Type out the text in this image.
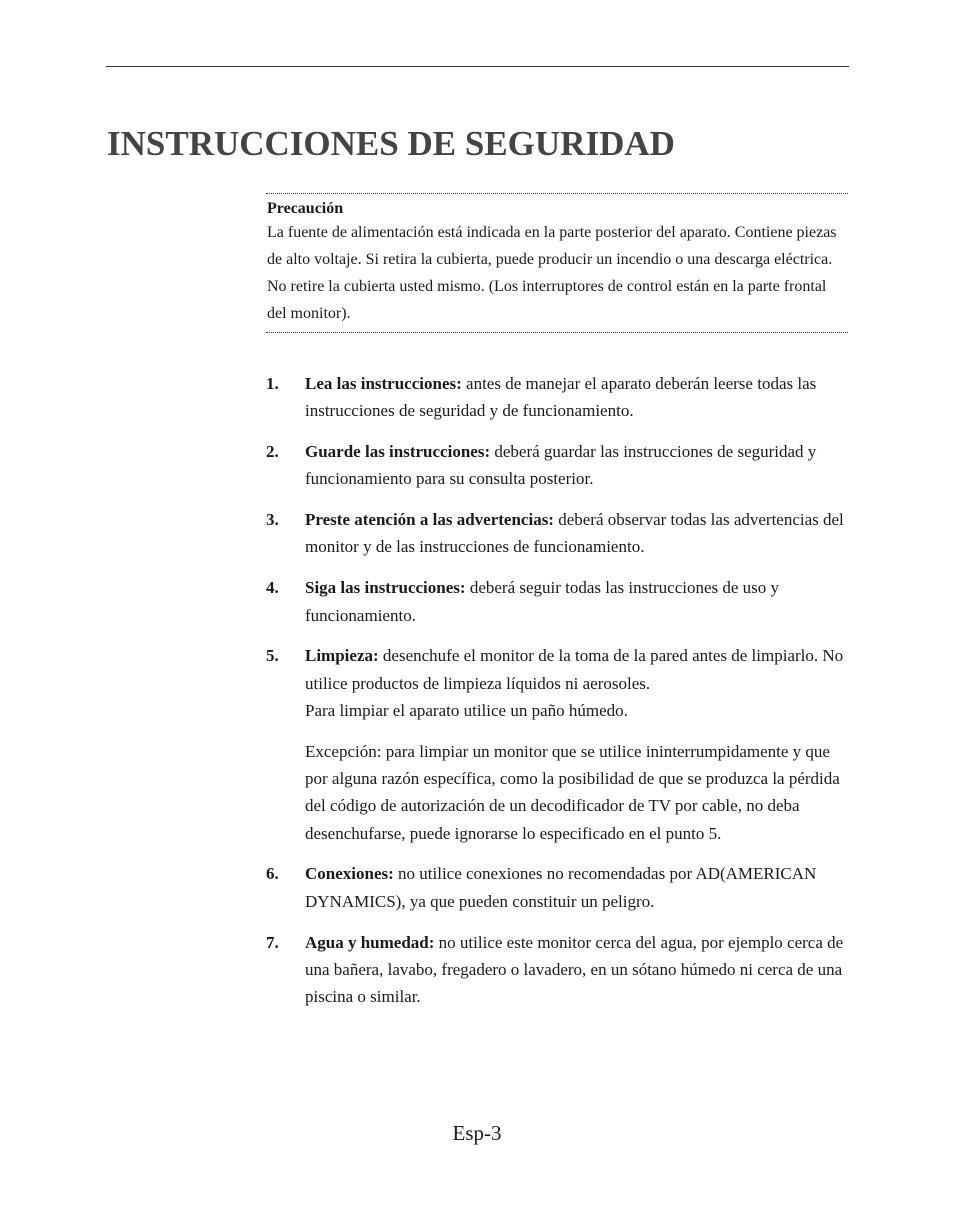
INSTRUCCIONES DE SEGURIDAD

Precaución

La fuente de alimentación está indicada en la parte posterior del aparato. Contiene piezas de alto voltaje. Si retira la cubierta, puede producir un incendio o una descarga eléctrica. No retire la cubierta usted mismo. (Los interruptores de control están en la parte frontal del monitor).

1. Lea las instrucciones: antes de manejar el aparato deberán leerse todas las instrucciones de seguridad y de funcionamiento.
2. Guarde las instrucciones: deberá guardar las instrucciones de seguridad y funcionamiento para su consulta posterior.
3. Preste atención a las advertencias: deberá observar todas las advertencias del monitor y de las instrucciones de funcionamiento.
4. Siga las instrucciones: deberá seguir todas las instrucciones de uso y funcionamiento.
5. Limpieza: desenchufe el monitor de la toma de la pared antes de limpiarlo. No utilice productos de limpieza líquidos ni aerosoles.
Para limpiar el aparato utilice un paño húmedo.
Excepción: para limpiar un monitor que se utilice ininterrumpidamente y que por alguna razón específica, como la posibilidad de que se produzca la pérdida del código de autorización de un decodificador de TV por cable, no deba desenchufarse, puede ignorarse lo especificado en el punto 5.
6. Conexiones: no utilice conexiones no recomendadas por AD(AMERICAN DYNAMICS), ya que pueden constituir un peligro.
7. Agua y humedad: no utilice este monitor cerca del agua, por ejemplo cerca de una bañera, lavabo, fregadero o lavadero, en un sótano húmedo ni cerca de una piscina o similar.
Esp-3
